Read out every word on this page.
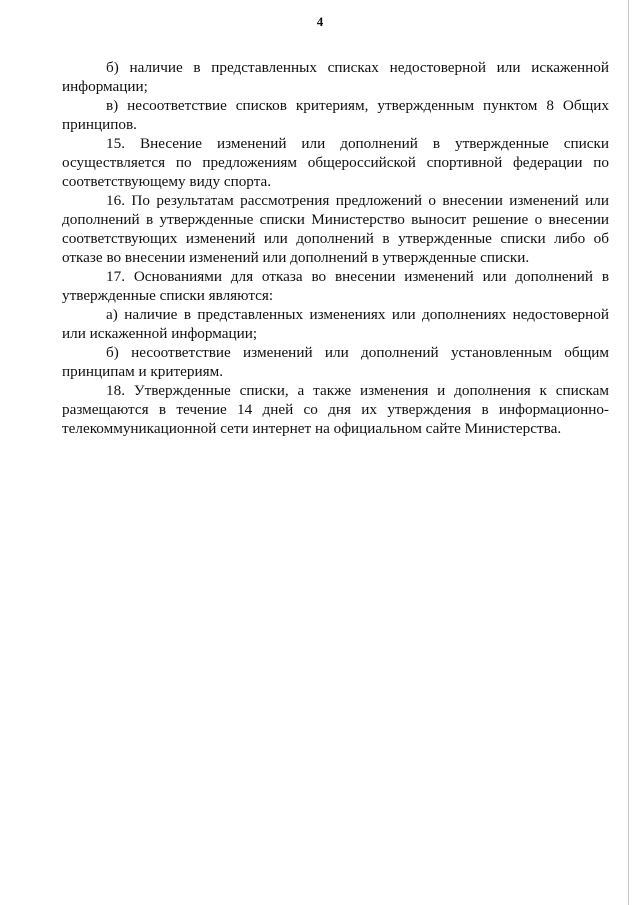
4

б) наличие в представленных списках недостоверной или искаженной информации;

в) несоответствие списков критериям, утвержденным пунктом 8 Общих принципов.

15. Внесение изменений или дополнений в утвержденные списки осуществляется по предложениям общероссийской спортивной федерации по соответствующему виду спорта.

16. По результатам рассмотрения предложений о внесении изменений или дополнений в утвержденные списки Министерство выносит решение о внесении соответствующих изменений или дополнений в утвержденные списки либо об отказе во внесении изменений или дополнений в утвержденные списки.

17. Основаниями для отказа во внесении изменений или дополнений в утвержденные списки являются:

а) наличие в представленных изменениях или дополнениях недостоверной или искаженной информации;

б) несоответствие изменений или дополнений установленным общим принципам и критериям.

18. Утвержденные списки, а также изменения и дополнения к спискам размещаются в течение 14 дней со дня их утверждения в информационно-телекоммуникационной сети интернет на официальном сайте Министерства.
